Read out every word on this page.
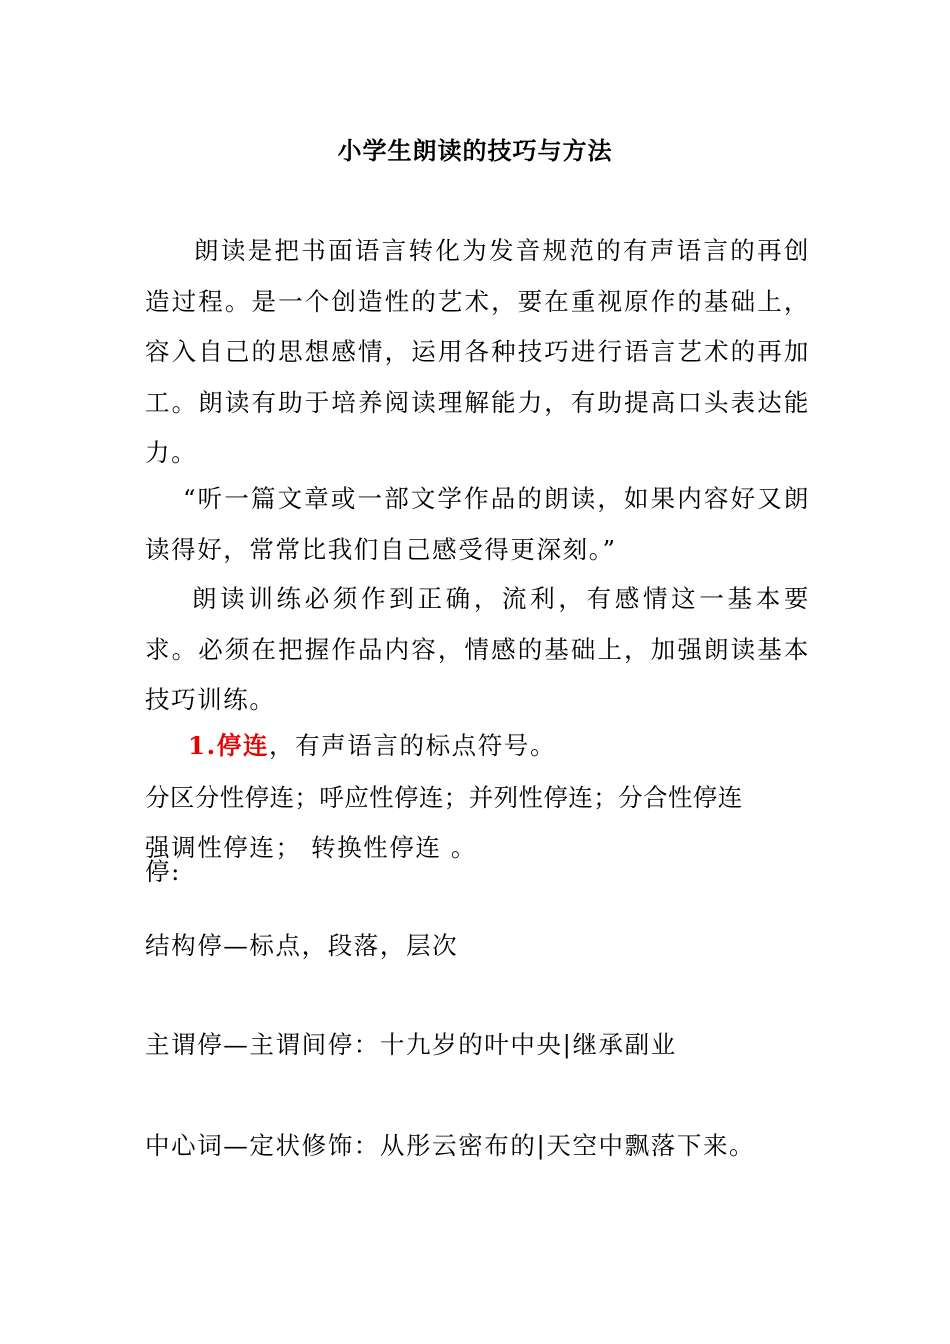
小学生朗读的技巧与方法
朗读是把书面语言转化为发音规范的有声语言的再创造过程。是一个创造性的艺术，要在重视原作的基础上，容入自己的思想感情，运用各种技巧进行语言艺术的再加工。朗读有助于培养阅读理解能力，有助提高口头表达能力。
“听一篇文章或一部文学作品的朗读，如果内容好又朗读得好，常常比我们自己感受得更深刻。”
朗读训练必须作到正确，流利，有感情这一基本要求。必须在把握作品内容，情感的基础上，加强朗读基本技巧训练。
1.停连，有声语言的标点符号。
分区分性停连；呼应性停连；并列性停连；分合性停连
强调性停连； 转换性停连 。
停:
结构停—标点，段落，层次
主谓停—主谓间停：十九岁的叶中央|继承副业
中心词—定状修饰：从彤云密布的|天空中飘落下来。
